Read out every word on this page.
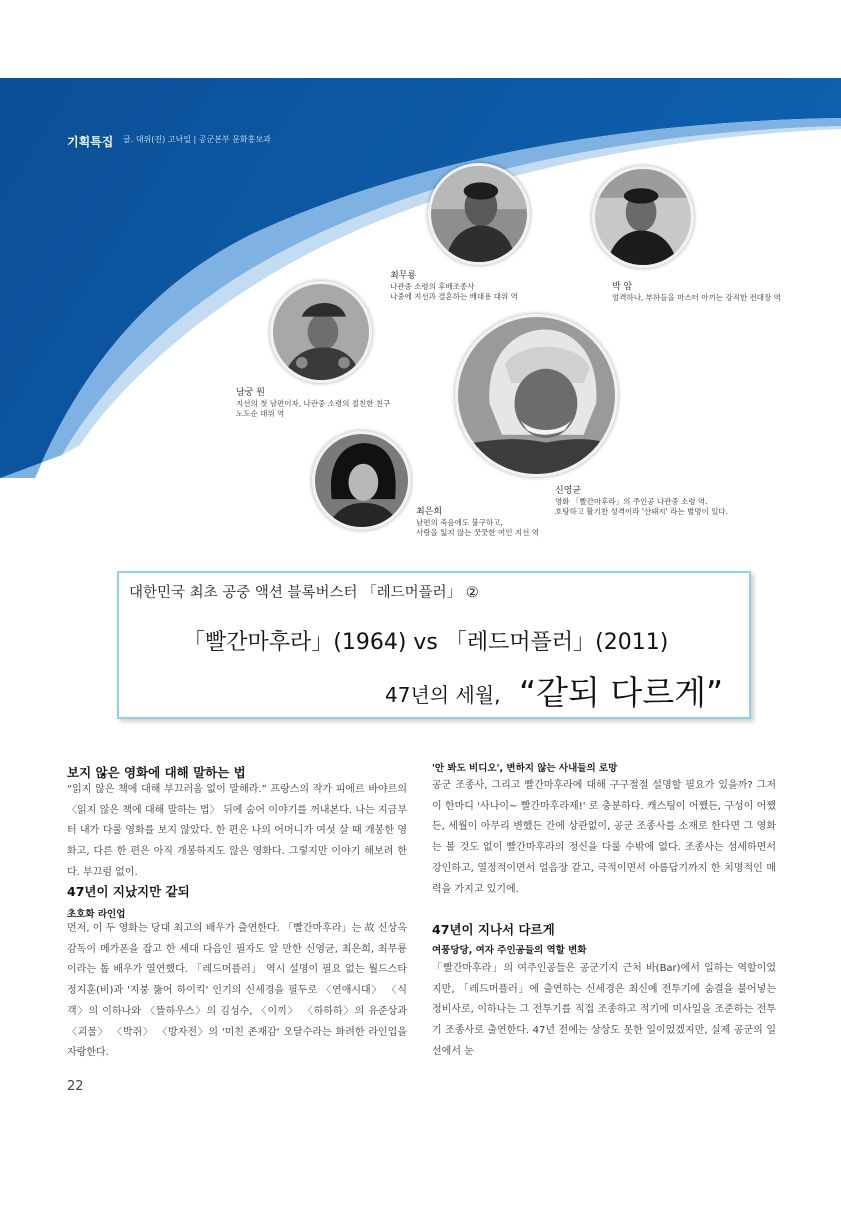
기획특집 글. 대위(진) 고낙일 | 공군본부 문화홍보과
최무룡
나관중 소령의 후배조종사
나중에 지선과 결혼하는 배대용 대위 역
박 암
엄격하나, 부하들을 마스터 아끼는 강직한 전대장 역
남궁 원
지선의 첫 남편이자, 나관중 소령의 절친한 친구
노도순 대위 역
신영균
영화 「빨간마후라」의 주인공 나관중 소령 역.
호탕하고 활기찬 성격이라 '산돼지' 라는 별명이 있다.
최은희
남편의 죽음에도 불구하고,
사랑을 잃지 않는 꿋꿋한 여인 지선 역
대한민국 최초 공중 액션 블록버스터 「레드머플러」 ②
「빨간마후라」(1964) vs 「레드머플러」(2011)
47년의 세월, “같되 다르게”
보지 않은 영화에 대해 말하는 법
“읽지 않은 책에 대해 부끄러움 없이 말해라.” 프랑스의 작가 피에르 바야르의 〈읽지 않은 책에 대해 말하는 법〉 뒤에 숨어 이야기를 꺼내본다. 나는 지금부터 내가 다룰 영화를 보지 않았다. 한 편은 나의 어머니가 여섯 살 때 개봉한 영화고, 다른 한 편은 아직 개봉하지도 않은 영화다. 그렇지만 이야기 해보려 한다. 부끄럼 없이.
47년이 지났지만 같되
초호화 라인업
먼저, 이 두 영화는 당대 최고의 배우가 출연한다. 「빨간마후라」는 故 신상옥 감독이 메가폰을 잡고 한 세대 다음인 필자도 알 만한 신영균, 최은희, 최무룡이라는 톱 배우가 열연했다. 「레드머플러」 역시 설명이 필요 없는 월드스타 정지훈(비)과 '지붕 뚫어 하이킥' 인기의 신세경을 필두로 〈연애시대〉 〈식객〉의 이하나와 〈뜰하우스〉의 김성수, 〈이끼〉 〈하하하〉의 유준상과 〈괴물〉 〈박쥐〉 〈방자전〉의 '미친 존재감' 오달수라는 화려한 라인업을 자랑한다.
'안 봐도 비디오', 변하지 않는 사내들의 로망
공군 조종사, 그리고 빨간마후라에 대해 구구절절 설명할 필요가 있을까? 그저 이 한마디 '사나이~ 빨간마후라제!' 로 충분하다. 캐스팅이 어쨌든, 구성이 어쨌든, 세월이 아무리 변했든 간에 상관없이, 공군 조종사를 소재로 한다면 그 영화는 볼 것도 없이 빨간마후라의 정신을 다룰 수밖에 없다. 조종사는 섬세하면서 강인하고, 열정적이면서 얼음장 같고, 극적이면서 아름답기까지 한 치명적인 매력을 가지고 있기에.
47년이 지나서 다르게
여풍당당, 여자 주인공들의 역할 변화
「빨간마후라」의 여주인공들은 공군기지 근처 바(Bar)에서 일하는 역할이었지만, 「레드머플러」에 출연하는 신세경은 최신예 전투기에 숨결을 불어넣는 정비사로, 이하나는 그 전투기를 직접 조종하고 적기에 미사일을 조준하는 전투기 조종사로 출연한다. 47년 전에는 상상도 못한 일이었겠지만, 실제 공군의 일선에서 눈
22
